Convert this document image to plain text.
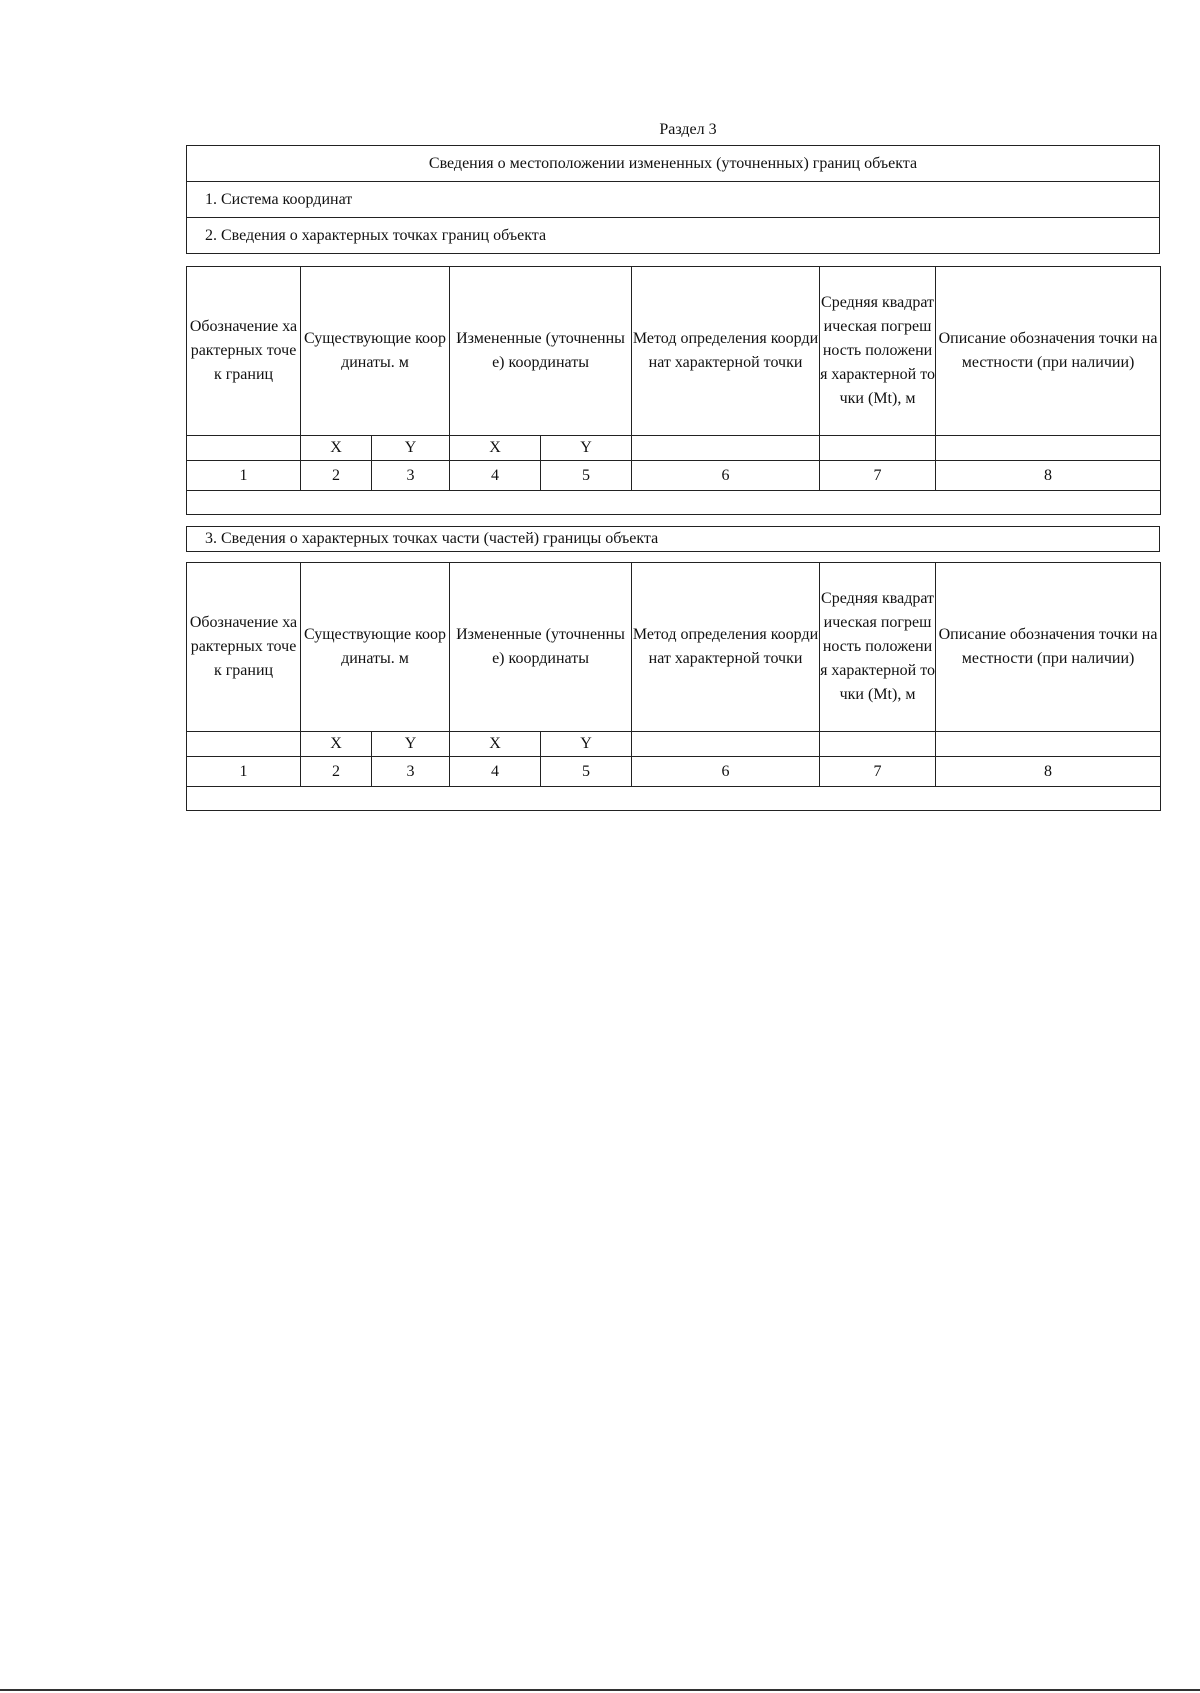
Раздел 3
Сведения о местоположении измененных (уточненных) границ объекта
1. Система координат
2. Сведения о характерных точках границ объекта
Обозначение характерных точек границ	Существующие координаты. м		Измененные (уточненные) координаты		Метод определения координат характерной точки	Средняя квадратическая погрешность положения характерной точки (Mt), м	Описание обозначения точки на местности (при наличии)
	X	Y	X	Y			
1	2	3	4	5	6	7	8

3. Сведения о характерных точках части (частей) границы объекта
Обозначение характерных точек границ	Существующие координаты. м		Измененные (уточненные) координаты		Метод определения координат характерной точки	Средняя квадратическая погрешность положения характерной точки (Mt), м	Описание обозначения точки на местности (при наличии)
	X	Y	X	Y			
1	2	3	4	5	6	7	8
